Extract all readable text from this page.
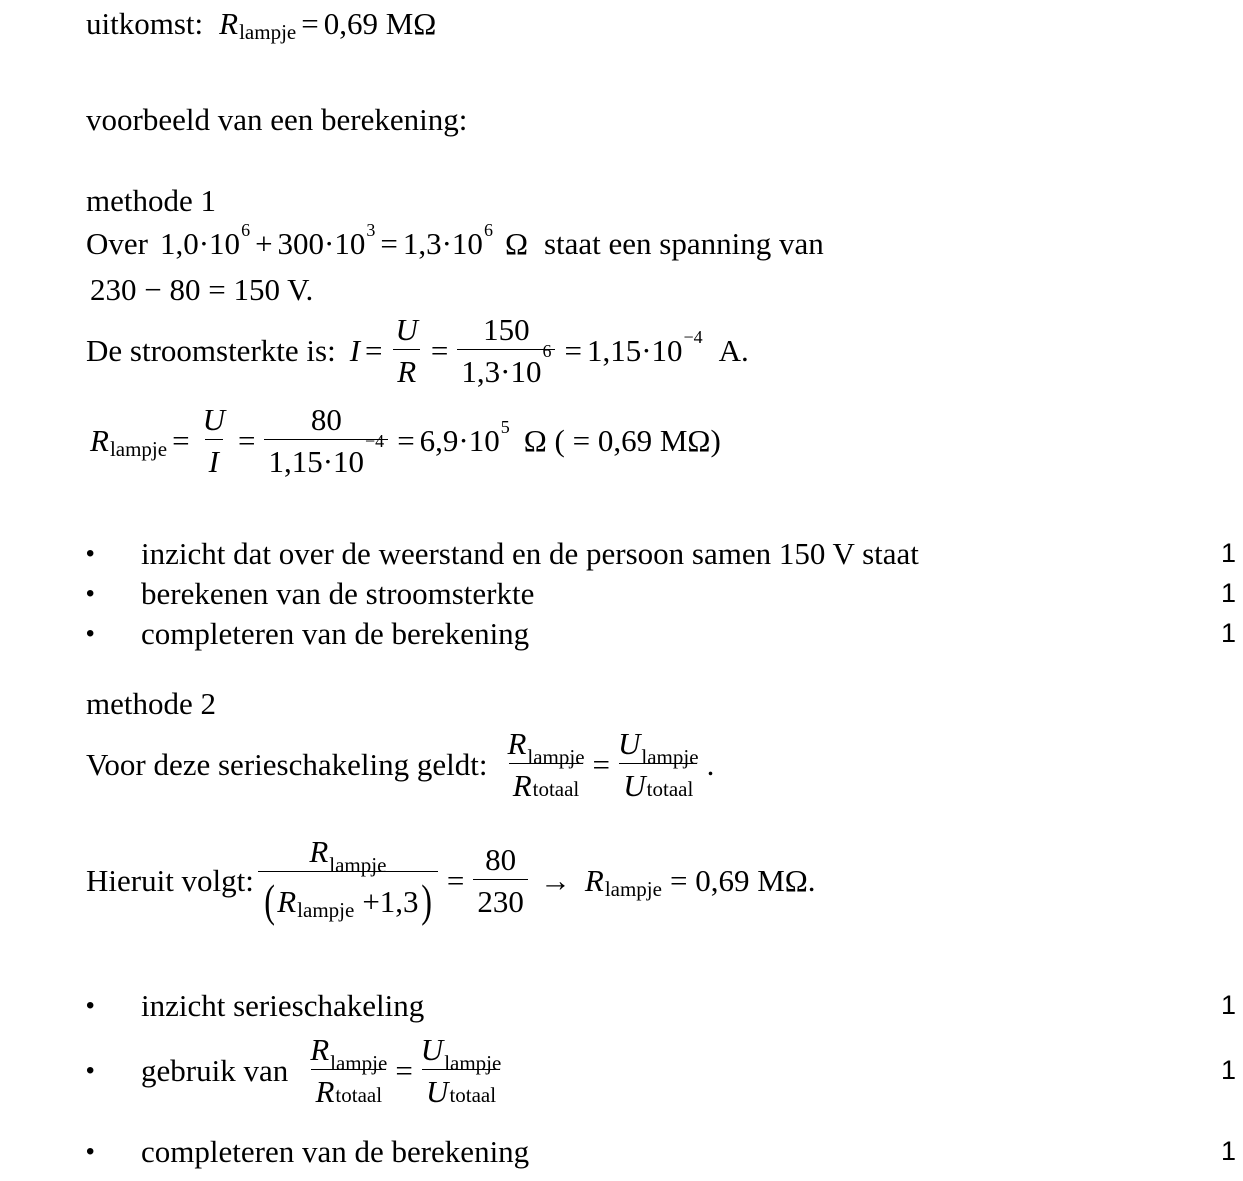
uitkomst: R lampje = 0,69 MΩ
voorbeeld van een berekening:
methode 1
Over 1,0·10 6 + 300·10 3 = 1,3·10 6 Ω staat een spanning van
230 − 80 = 150 V.
De stroomsterkte is: $I = \frac{U}{R} = 150$
1,3·10
6 = 1,15·10 −4 A.
R lampje = $\frac{U}{I} = 80$
1,15·10
−4 = 6,9·10 5 Ω ( = 0,69 MΩ)
•	inzicht dat over de weerstand en de persoon samen 150 V staat	1
•	berekenen van de stroomsterkte	1
•	completeren van de berekening	1
methode 2
Voor deze serieschakeling geldt: $\frac{\text{R lampje}}{\text{R totaal}} = \frac{\text{U lampje}}{\text{U totaal}}$ .
Hieruit volgt: $\frac{\text{R lampje}}{\text{( R lampje +1,3 )}} = \frac{80}{230} \to R$ lampje = 0,69 MΩ.
•	inzicht serieschakeling	1
•	gebruik van $\frac{\text{R lampje}}{\text{R totaal}} = \frac{\text{U lampje}}{\text{U totaal}}$	1
•	completeren van de berekening	1
